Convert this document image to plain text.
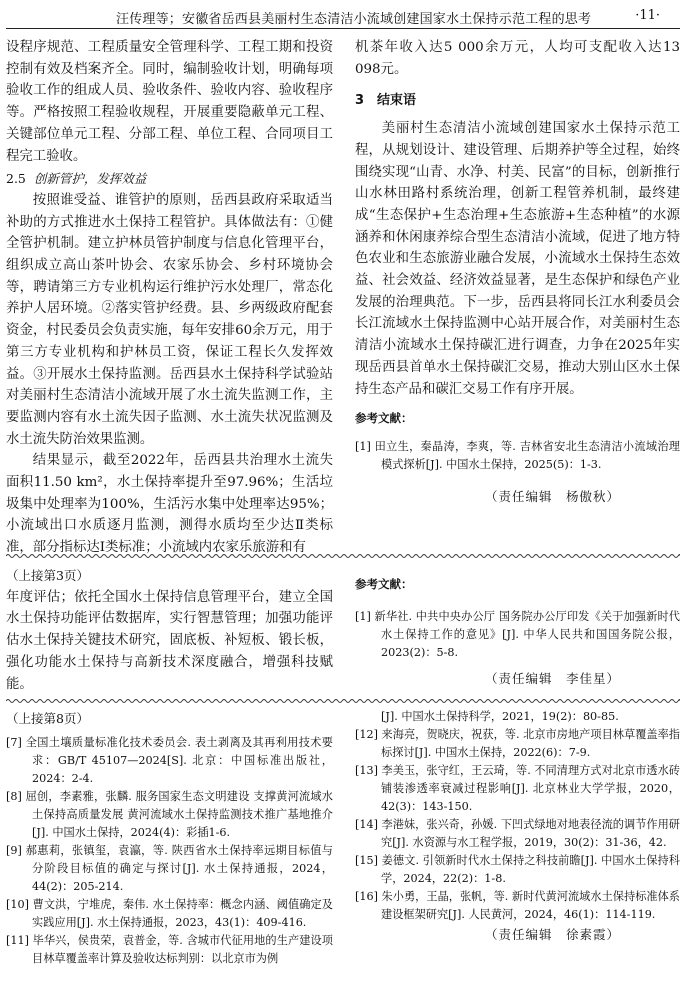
汪传理等；安徽省岳西县美丽村生态清洁小流域创建国家水土保持示范工程的思考	·11·

设程序规范、工程质量安全管理科学、工程工期和投资控制有效及档案齐全。同时，编制验收计划，明确每项验收工作的组成人员、验收条件、验收内容、验收程序等。严格按照工程验收规程，开展重要隐蔽单元工程、关键部位单元工程、分部工程、单位工程、合同项目工程完工验收。

2.5 创新管护，发挥效益

按照谁受益、谁管护的原则，岳西县政府采取适当补助的方式推进水土保持工程管护。具体做法有：①健全管护机制。建立护林员管护制度与信息化管理平台，组织成立高山茶叶协会、农家乐协会、乡村环境协会等，聘请第三方专业机构运行维护污水处理厂，常态化养护人居环境。②落实管护经费。县、乡两级政府配套资金，村民委员会负责实施，每年安排60余万元，用于第三方专业机构和护林员工资，保证工程长久发挥效益。③开展水土保持监测。岳西县水土保持科学试验站对美丽村生态清洁小流域开展了水土流失监测工作，主要监测内容有水土流失因子监测、水土流失状况监测及水土流失防治效果监测。

结果显示，截至2022年，岳西县共治理水土流失面积11.50 km²，水土保持率提升至97.96%；生活垃圾集中处理率为100%，生活污水集中处理率达95%；小流域出口水质逐月监测，测得水质均至少达Ⅱ类标准，部分指标达Ⅰ类标准；小流域内农家乐旅游和有

机茶年收入达5 000余万元，人均可支配收入达13 098元。

3　结束语

美丽村生态清洁小流域创建国家水土保持示范工程，从规划设计、建设管理、后期养护等全过程，始终围绕实现“山青、水净、村美、民富”的目标，创新推行山水林田路村系统治理，创新工程管养机制，最终建成“生态保护+生态治理+生态旅游+生态种植”的水源涵养和休闲康养综合型生态清洁小流域，促进了地方特色农业和生态旅游业融合发展，小流域水土保持生态效益、社会效益、经济效益显著，是生态保护和绿色产业发展的治理典范。下一步，岳西县将同长江水利委员会长江流域水土保持监测中心站开展合作，对美丽村生态清洁小流域水土保持碳汇进行调查，力争在2025年实现岳西县首单水土保持碳汇交易，推动大别山区水土保持生态产品和碳汇交易工作有序开展。

参考文献：

[1] 田立生，秦晶涛，李爽，等. 吉林省安北生态清洁小流域治理模式探析[J]. 中国水土保持，2025(5)：1-3.

（责任编辑　杨傲秋）

（上接第3页）

年度评估；依托全国水土保持信息管理平台，建立全国水土保持功能评估数据库，实行智慧管理；加强功能评估水土保持关键技术研究，固底板、补短板、锻长板，强化功能水土保持与高新技术深度融合，增强科技赋能。

参考文献：

[1] 新华社. 中共中央办公厅 国务院办公厅印发《关于加强新时代水土保持工作的意见》[J]. 中华人民共和国国务院公报，2023(2)：5-8.

（责任编辑　李佳星）

（上接第8页）

[7] 全国土壤质量标准化技术委员会. 表土剥离及其再利用技术要求：GB/T 45107—2024[S]. 北京：中国标准出版社，2024：2-4.

[8] 屈创，李素雅，张麟. 服务国家生态文明建设 支撑黄河流域水土保持高质量发展 黄河流域水土保持监测技术推广基地推介[J]. 中国水土保持，2024(4)：彩插1-6.

[9] 郝惠莉，张镇玺，袁瀛，等. 陕西省水土保持率远期目标值与分阶段目标值的确定与探讨[J]. 水土保持通报，2024，44(2)：205-214.

[10] 曹文洪，宁堆虎，秦伟. 水土保持率：概念内涵、阈值确定及实践应用[J]. 水土保持通报，2023，43(1)：409-416.

[11] 毕华兴，侯贵荣，袁普金，等. 含城市代征用地的生产建设项目林草覆盖率计算及验收达标判别：以北京市为例

[J]. 中国水土保持科学，2021，19(2)：80-85.

[12] 来海亮，贺晓庆，祝获，等. 北京市房地产项目林草覆盖率指标探讨[J]. 中国水土保持，2022(6)：7-9.

[13] 李美玉，张守红，王云琦，等. 不同清理方式对北京市透水砖铺装渗透率衰减过程影响[J]. 北京林业大学学报，2020，42(3)：143-150.

[14] 李港妹，张兴奇，孙媛. 下凹式绿地对地表径流的调节作用研究[J]. 水资源与水工程学报，2019，30(2)：31-36，42.

[15] 姜德文. 引领新时代水土保持之科技前瞻[J]. 中国水土保持科学，2024，22(2)：1-8.

[16] 朱小勇，王晶，张帆，等. 新时代黄河流域水土保持标准体系建设框架研究[J]. 人民黄河，2024，46(1)：114-119.

（责任编辑　徐素霞）
